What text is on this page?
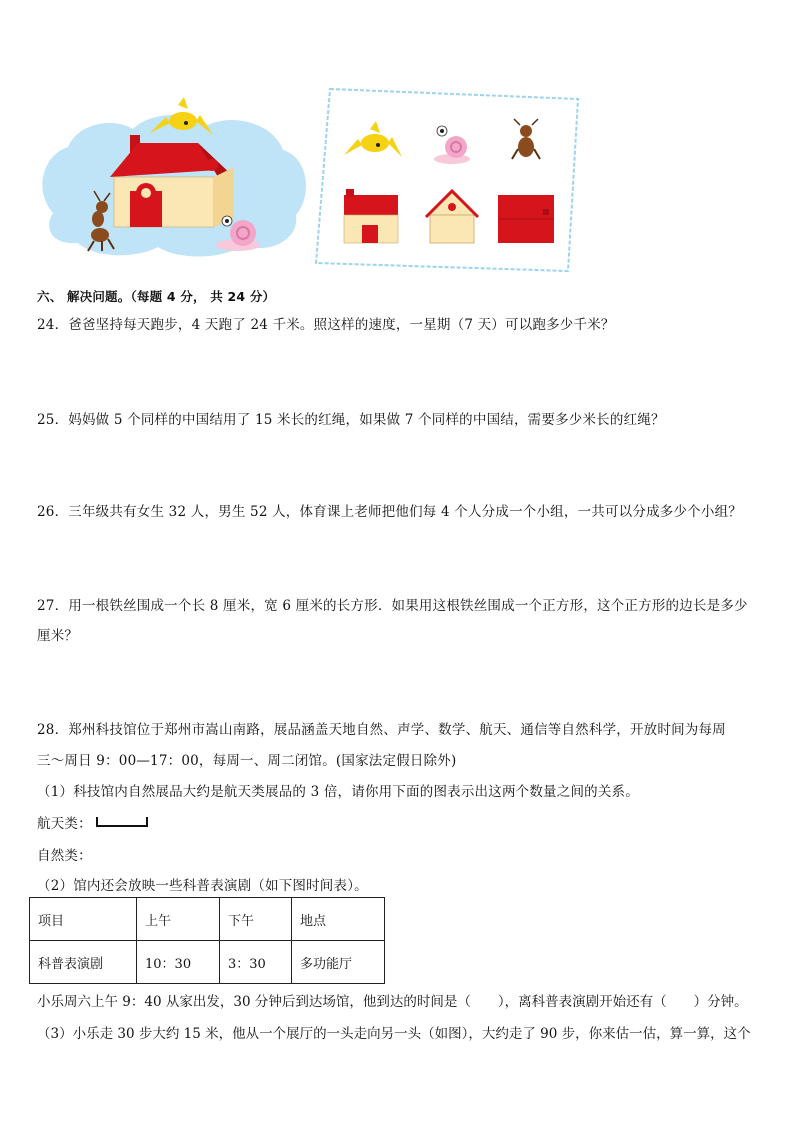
六、 解决问题。（每题 4 分， 共 24 分）
24．爸爸坚持每天跑步，4 天跑了 24 千米。照这样的速度，一星期（7 天）可以跑多少千米？
25．妈妈做 5 个同样的中国结用了 15 米长的红绳，如果做 7 个同样的中国结，需要多少米长的红绳？
26．三年级共有女生 32 人，男生 52 人，体育课上老师把他们每 4 个人分成一个小组，一共可以分成多少个小组？
27．用一根铁丝围成一个长 8 厘米，宽 6 厘米的长方形．如果用这根铁丝围成一个正方形，这个正方形的边长是多少
厘米？
28．郑州科技馆位于郑州市嵩山南路，展品涵盖天地自然、声学、数学、航天、通信等自然科学，开放时间为每周
三～周日 9：00—17：00，每周一、周二闭馆。(国家法定假日除外)
（1）科技馆内自然展品大约是航天类展品的 3 倍，请你用下面的图表示出这两个数量之间的关系。
航天类：
自然类：
（2）馆内还会放映一些科普表演剧（如下图时间表）。
项目	上午	下午	地点
科普表演剧	10：30	3：30	多功能厅
小乐周六上午 9：40 从家出发，30 分钟后到达场馆，他到达的时间是（　　），离科普表演剧开始还有（　　）分钟。
（3）小乐走 30 步大约 15 米，他从一个展厅的一头走向另一头（如图），大约走了 90 步，你来估一估，算一算，这个
